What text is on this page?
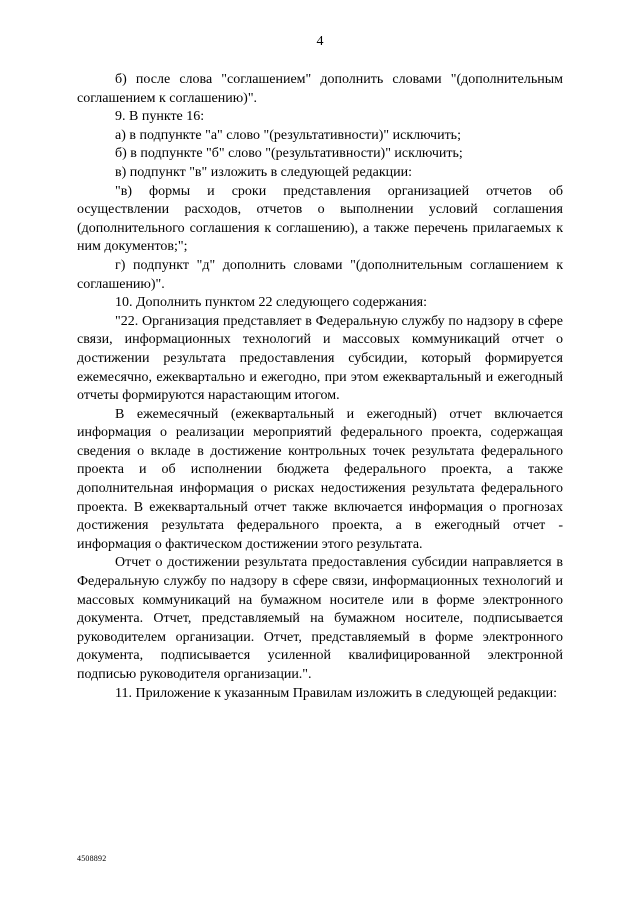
4

б) после слова "соглашением" дополнить словами "(дополнительным соглашением к соглашению)".

9. В пункте 16:

а) в подпункте "а" слово "(результативности)" исключить;

б) в подпункте "б" слово "(результативности)" исключить;

в) подпункт "в" изложить в следующей редакции:

"в) формы и сроки представления организацией отчетов об осуществлении расходов, отчетов о выполнении условий соглашения (дополнительного соглашения к соглашению), а также перечень прилагаемых к ним документов;";

г) подпункт "д" дополнить словами "(дополнительным соглашением к соглашению)".

10. Дополнить пунктом 22 следующего содержания:

"22. Организация представляет в Федеральную службу по надзору в сфере связи, информационных технологий и массовых коммуникаций отчет о достижении результата предоставления субсидии, который формируется ежемесячно, ежеквартально и ежегодно, при этом ежеквартальный и ежегодный отчеты формируются нарастающим итогом.

В ежемесячный (ежеквартальный и ежегодный) отчет включается информация о реализации мероприятий федерального проекта, содержащая сведения о вкладе в достижение контрольных точек результата федерального проекта и об исполнении бюджета федерального проекта, а также дополнительная информация о рисках недостижения результата федерального проекта. В ежеквартальный отчет также включается информация о прогнозах достижения результата федерального проекта, а в ежегодный отчет - информация о фактическом достижении этого результата.

Отчет о достижении результата предоставления субсидии направляется в Федеральную службу по надзору в сфере связи, информационных технологий и массовых коммуникаций на бумажном носителе или в форме электронного документа. Отчет, представляемый на бумажном носителе, подписывается руководителем организации. Отчет, представляемый в форме электронного документа, подписывается усиленной квалифицированной электронной подписью руководителя организации.".

11. Приложение к указанным Правилам изложить в следующей редакции:

4508892
